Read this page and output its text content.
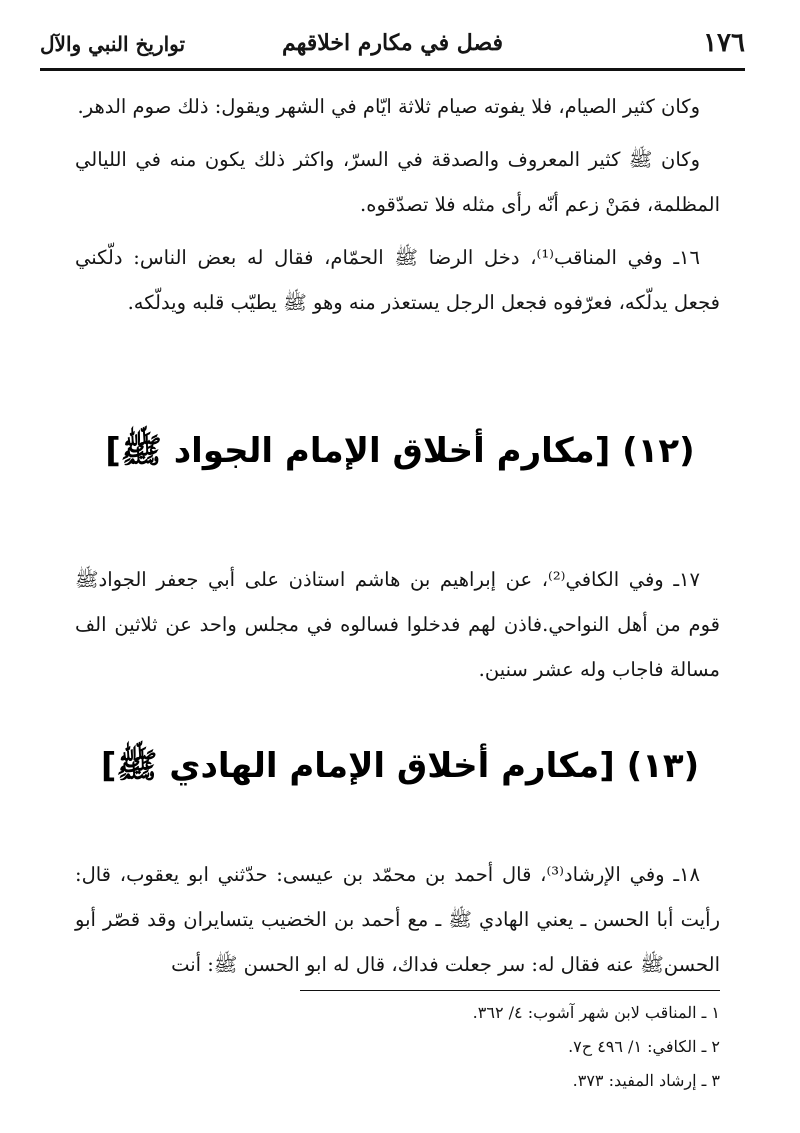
١٧٦
فصل في مكارم اخلاقهم
تواريخ النبي والآل

وكان كثير الصيام، فلا يفوته صيام ثلاثة ايّام في الشهر ويقول: ذلك صوم الدهر.

وكان ﷺ كثير المعروف والصدقة في السرّ، واكثر ذلك يكون منه في الليالي المظلمة، فمَنْ زعم أنّه رأى مثله فلا تصدّقوه.

١٦ـ وفي المناقب⁽¹⁾، دخل الرضا ﷺ الحمّام، فقال له بعض الناس: دلّكني فجعل يدلّكه، فعرّفوه فجعل الرجل يستعذر منه وهو ﷺ يطيّب قلبه ويدلّكه.

(١٢) [مكارم أخلاق الإمام الجواد ﷺ]

١٧ـ وفي الكافي⁽²⁾، عن إبراهيم بن هاشم استاذن على أبي جعفر الجوادﷺ قوم من أهل النواحي.فاذن لهم فدخلوا فسالوه في مجلس واحد عن ثلاثين الف مسالة فاجاب وله عشر سنين.

(١٣) [مكارم أخلاق الإمام الهادي ﷺ]

١٨ـ وفي الإرشاد⁽³⁾، قال أحمد بن محمّد بن عيسى: حدّثني ابو يعقوب، قال: رأيت أبا الحسن ـ يعني الهادي ﷺ ـ مع أحمد بن الخضيب يتسايران وقد قصّر أبو الحسنﷺ عنه فقال له: سر جعلت فداك، قال له ابو الحسن ﷺ: أنت

١ ـ المناقب لابن شهر آشوب: ٤/ ٣٦٢.

٢ ـ الكافي: ١/ ٤٩٦ ح٧.

٣ ـ إرشاد المفيد: ٣٧٣.
